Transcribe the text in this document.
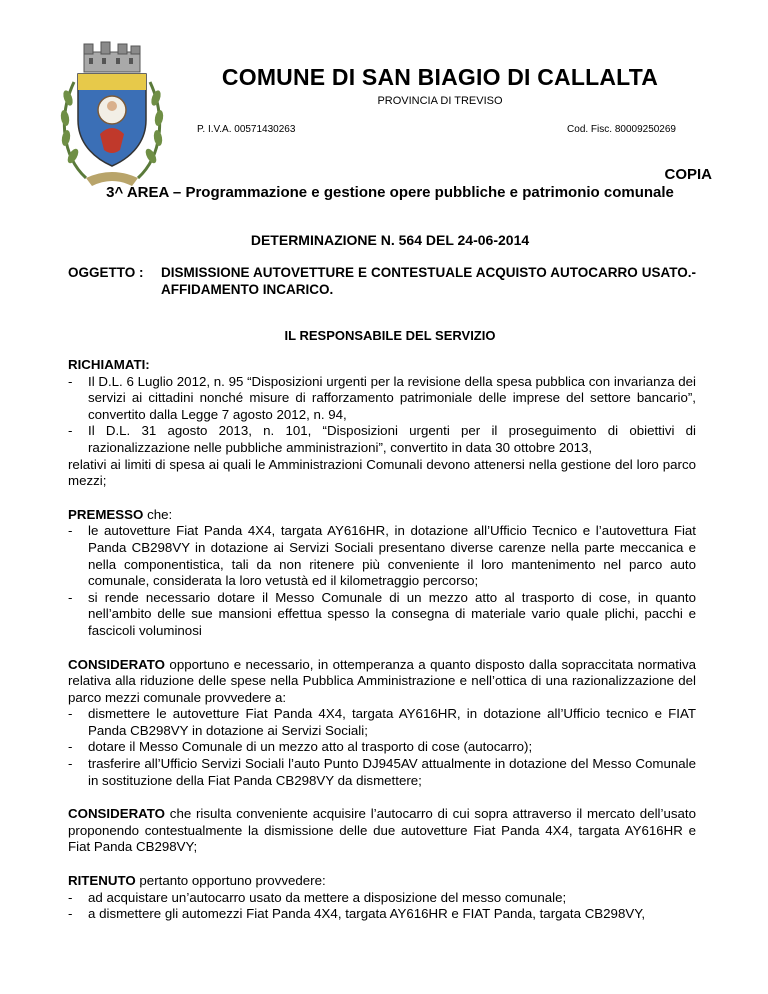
COMUNE DI SAN BIAGIO DI CALLALTA
PROVINCIA DI TREVISO
P. I.V.A. 00571430263	Cod. Fisc. 80009250269
COPIA
3^ AREA – Programmazione e gestione opere pubbliche e patrimonio comunale
DETERMINAZIONE N. 564 DEL 24-06-2014
OGGETTO : DISMISSIONE AUTOVETTURE E CONTESTUALE ACQUISTO AUTOCARRO USATO.- AFFIDAMENTO INCARICO.
IL RESPONSABILE DEL SERVIZIO

RICHIAMATI:

- Il D.L. 6 Luglio 2012, n. 95 “Disposizioni urgenti per la revisione della spesa pubblica con invarianza dei servizi ai cittadini nonché misure di rafforzamento patrimoniale delle imprese del settore bancario”, convertito dalla Legge 7 agosto 2012, n. 94,
- Il D.L. 31 agosto 2013, n. 101, “Disposizioni urgenti per il proseguimento di obiettivi di razionalizzazione nelle pubbliche amministrazioni”, convertito in data 30 ottobre 2013,

relativi ai limiti di spesa ai quali le Amministrazioni Comunali devono attenersi nella gestione del loro parco mezzi;

PREMESSO che:

- le autovetture Fiat Panda 4X4, targata AY616HR, in dotazione all’Ufficio Tecnico e l’autovettura Fiat Panda CB298VY in dotazione ai Servizi Sociali presentano diverse carenze nella parte meccanica e nella componentistica, tali da non ritenere più conveniente il loro mantenimento nel parco auto comunale, considerata la loro vetustà ed il kilometraggio percorso;
- si rende necessario dotare il Messo Comunale di un mezzo atto al trasporto di cose, in quanto nell’ambito delle sue mansioni effettua spesso la consegna di materiale vario quale plichi, pacchi e fascicoli voluminosi

CONSIDERATO opportuno e necessario, in ottemperanza a quanto disposto dalla sopraccitata normativa relativa alla riduzione delle spese nella Pubblica Amministrazione e nell’ottica di una razionalizzazione del parco mezzi comunale provvedere a:

- dismettere le autovetture Fiat Panda 4X4, targata AY616HR, in dotazione all’Ufficio tecnico e FIAT Panda CB298VY in dotazione ai Servizi Sociali;
- dotare il Messo Comunale di un mezzo atto al trasporto di cose (autocarro);
- trasferire all’Ufficio Servizi Sociali l’auto Punto DJ945AV attualmente in dotazione del Messo Comunale in sostituzione della Fiat Panda CB298VY da dismettere;

CONSIDERATO che risulta conveniente acquisire l’autocarro di cui sopra attraverso il mercato dell’usato proponendo contestualmente la dismissione delle due autovetture Fiat Panda 4X4, targata AY616HR e Fiat Panda CB298VY;

RITENUTO pertanto opportuno provvedere:

- ad acquistare un’autocarro usato da mettere a disposizione del messo comunale;
- a dismettere gli automezzi Fiat Panda 4X4, targata AY616HR e FIAT Panda, targata CB298VY,
